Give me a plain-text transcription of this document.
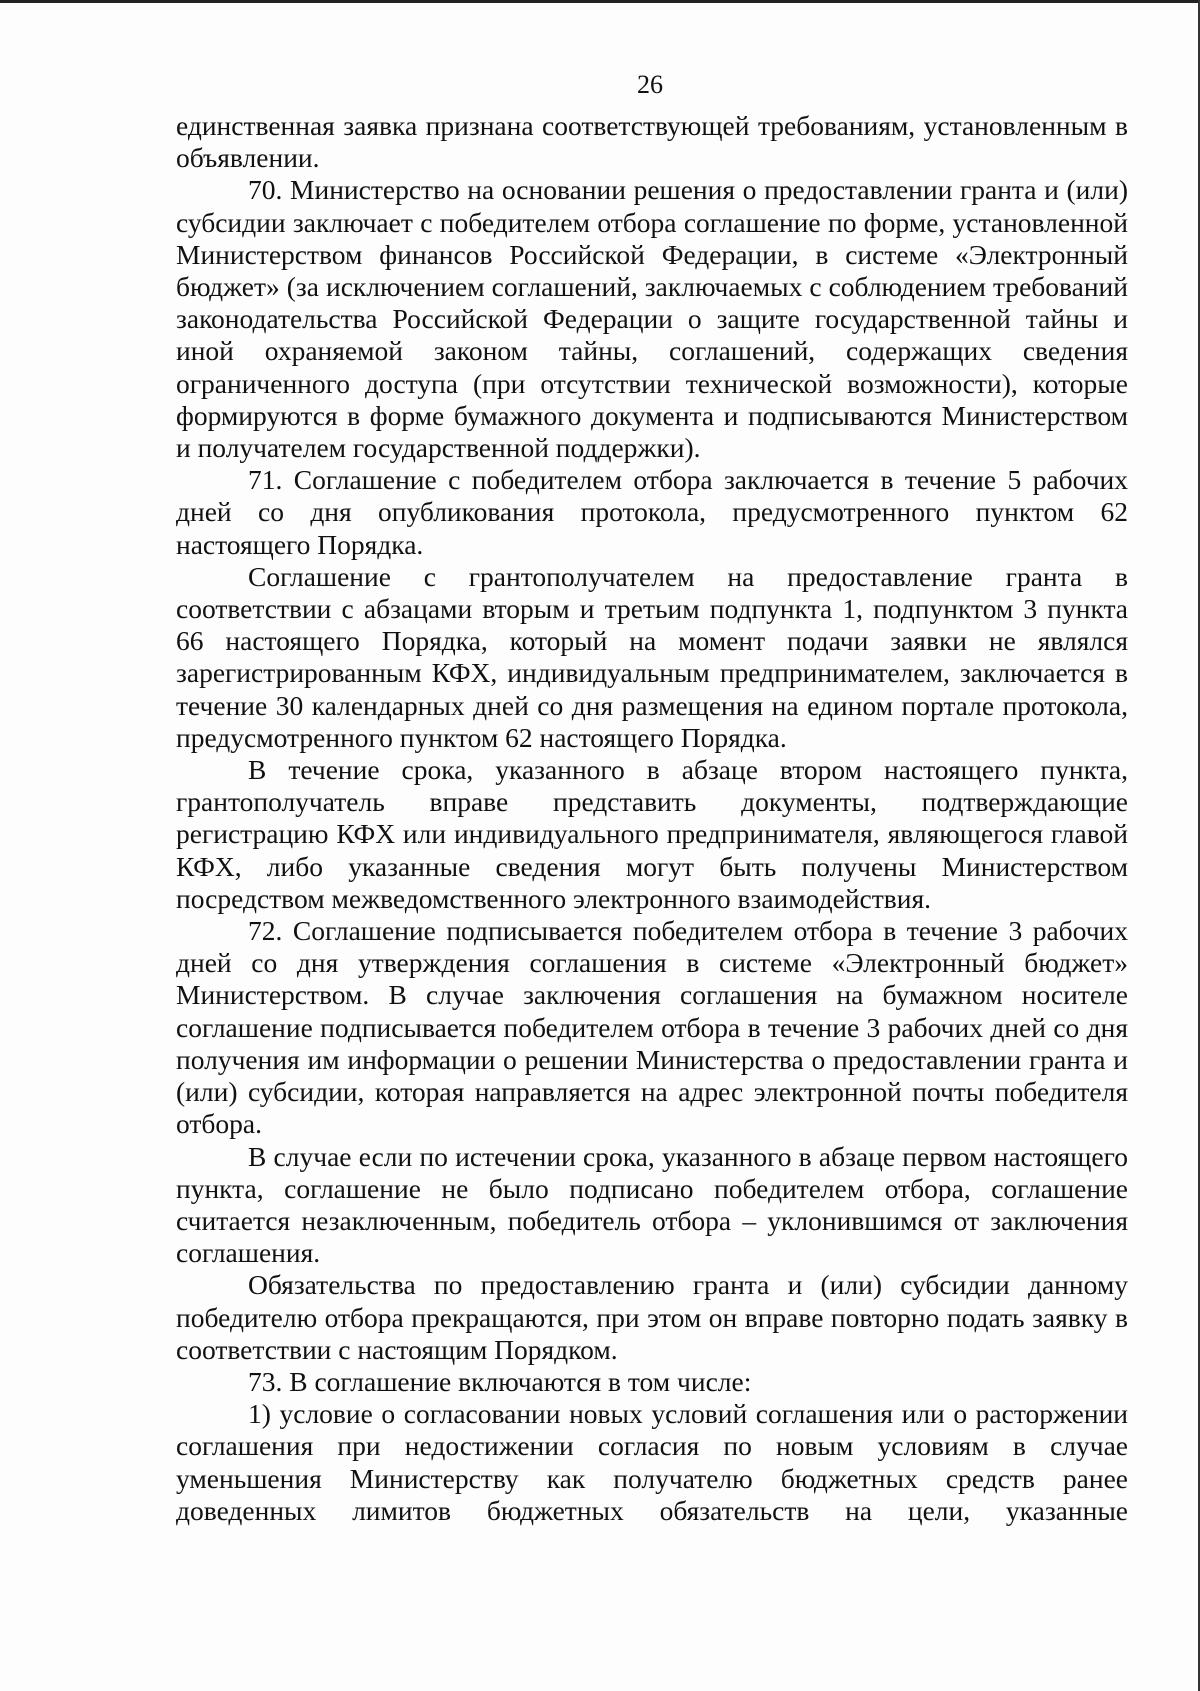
26

единственная заявка признана соответствующей требованиям, установленным в объявлении.

70. Министерство на основании решения о предоставлении гранта и (или) субсидии заключает с победителем отбора соглашение по форме, установленной Министерством финансов Российской Федерации, в системе «Электронный бюджет» (за исключением соглашений, заключаемых с соблюдением требований законодательства Российской Федерации о защите государственной тайны и иной охраняемой законом тайны, соглашений, содержащих сведения ограниченного доступа (при отсутствии технической возможности), которые формируются в форме бумажного документа и подписываются Министерством и получателем государственной поддержки).

71. Соглашение с победителем отбора заключается в течение 5 рабочих дней со дня опубликования протокола, предусмотренного пунктом 62 настоящего Порядка.

Соглашение с грантополучателем на предоставление гранта в соответствии с абзацами вторым и третьим подпункта 1, подпунктом 3 пункта 66 настоящего Порядка, который на момент подачи заявки не являлся зарегистрированным КФХ, индивидуальным предпринимателем, заключается в течение 30 календарных дней со дня размещения на едином портале протокола, предусмотренного пунктом 62 настоящего Порядка.

В течение срока, указанного в абзаце втором настоящего пункта, грантополучатель вправе представить документы, подтверждающие регистрацию КФХ или индивидуального предпринимателя, являющегося главой КФХ, либо указанные сведения могут быть получены Министерством посредством межведомственного электронного взаимодействия.

72. Соглашение подписывается победителем отбора в течение 3 рабочих дней со дня утверждения соглашения в системе «Электронный бюджет» Министерством. В случае заключения соглашения на бумажном носителе соглашение подписывается победителем отбора в течение 3 рабочих дней со дня получения им информации о решении Министерства о предоставлении гранта и (или) субсидии, которая направляется на адрес электронной почты победителя отбора.

В случае если по истечении срока, указанного в абзаце первом настоящего пункта, соглашение не было подписано победителем отбора, соглашение считается незаключенным, победитель отбора – уклонившимся от заключения соглашения.

Обязательства по предоставлению гранта и (или) субсидии данному победителю отбора прекращаются, при этом он вправе повторно подать заявку в соответствии с настоящим Порядком.

73. В соглашение включаются в том числе:

1) условие о согласовании новых условий соглашения или о расторжении соглашения при недостижении согласия по новым условиям в случае уменьшения Министерству как получателю бюджетных средств ранее доведенных лимитов бюджетных обязательств на цели, указанные
